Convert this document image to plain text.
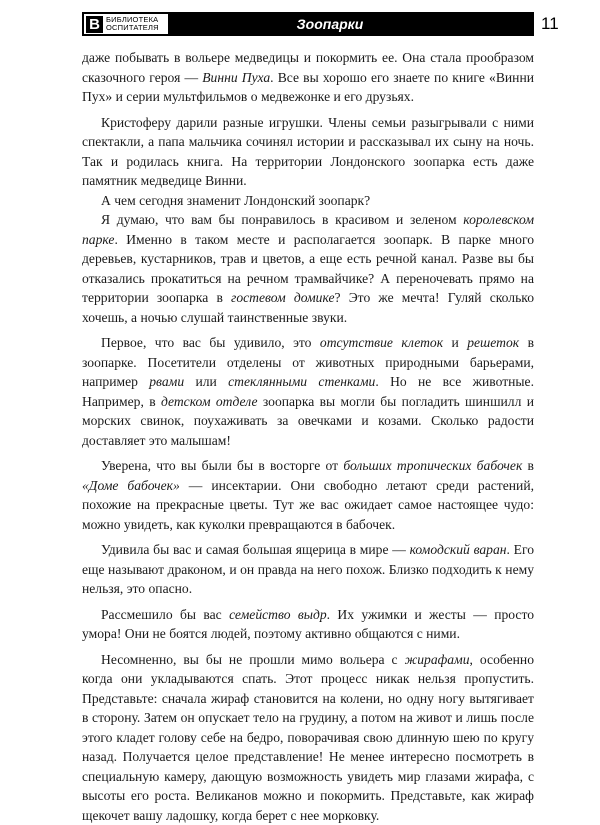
В БИБЛИОТЕКА
ОСПИТАТЕЛЯ	Зоопарки	11

даже побывать в вольере медведицы и покормить ее. Она стала прообразом сказочного героя — Винни Пуха. Все вы хорошо его знаете по книге «Винни Пух» и серии мультфильмов о медвежонке и его друзьях.

Кристоферу дарили разные игрушки. Члены семьи разыгрывали с ними спектакли, а папа мальчика сочинял истории и рассказывал их сыну на ночь. Так и родилась книга. На территории Лондонского зоопарка есть даже памятник медведице Винни.

А чем сегодня знаменит Лондонский зоопарк?

Я думаю, что вам бы понравилось в красивом и зеленом королевском парке. Именно в таком месте и располагается зоопарк. В парке много деревьев, кустарников, трав и цветов, а еще есть речной канал. Разве вы бы отказались прокатиться на речном трамвайчике? А переночевать прямо на территории зоопарка в гостевом домике? Это же мечта! Гуляй сколько хочешь, а ночью слушай таинственные звуки.

Первое, что вас бы удивило, это отсутствие клеток и решеток в зоопарке. Посетители отделены от животных природными барьерами, например рвами или стеклянными стенками. Но не все животные. Например, в детском отделе зоопарка вы могли бы погладить шиншилл и морских свинок, поухаживать за овечками и козами. Сколько радости доставляет это малышам!

Уверена, что вы были бы в восторге от больших тропических бабочек в «Доме бабочек» — инсектарии. Они свободно летают среди растений, похожие на прекрасные цветы. Тут же вас ожидает самое настоящее чудо: можно увидеть, как куколки превращаются в бабочек.

Удивила бы вас и самая большая ящерица в мире — комодский варан. Его еще называют драконом, и он правда на него похож. Близко подходить к нему нельзя, это опасно.

Рассмешило бы вас семейство выдр. Их ужимки и жесты — просто умора! Они не боятся людей, поэтому активно общаются с ними.

Несомненно, вы бы не прошли мимо вольера с жирафами, особенно когда они укладываются спать. Этот процесс никак нельзя пропустить. Представьте: сначала жираф становится на колени, но одну ногу вытягивает в сторону. Затем он опускает тело на грудину, а потом на живот и лишь после этого кладет голову себе на бедро, поворачивая свою длинную шею по кругу назад. Получается целое представление! Не менее интересно посмотреть в специальную камеру, дающую возможность увидеть мир глазами жирафа, с высоты его роста. Великанов можно и покормить. Представьте, как жираф щекочет вашу ладошку, когда берет с нее морковку.
